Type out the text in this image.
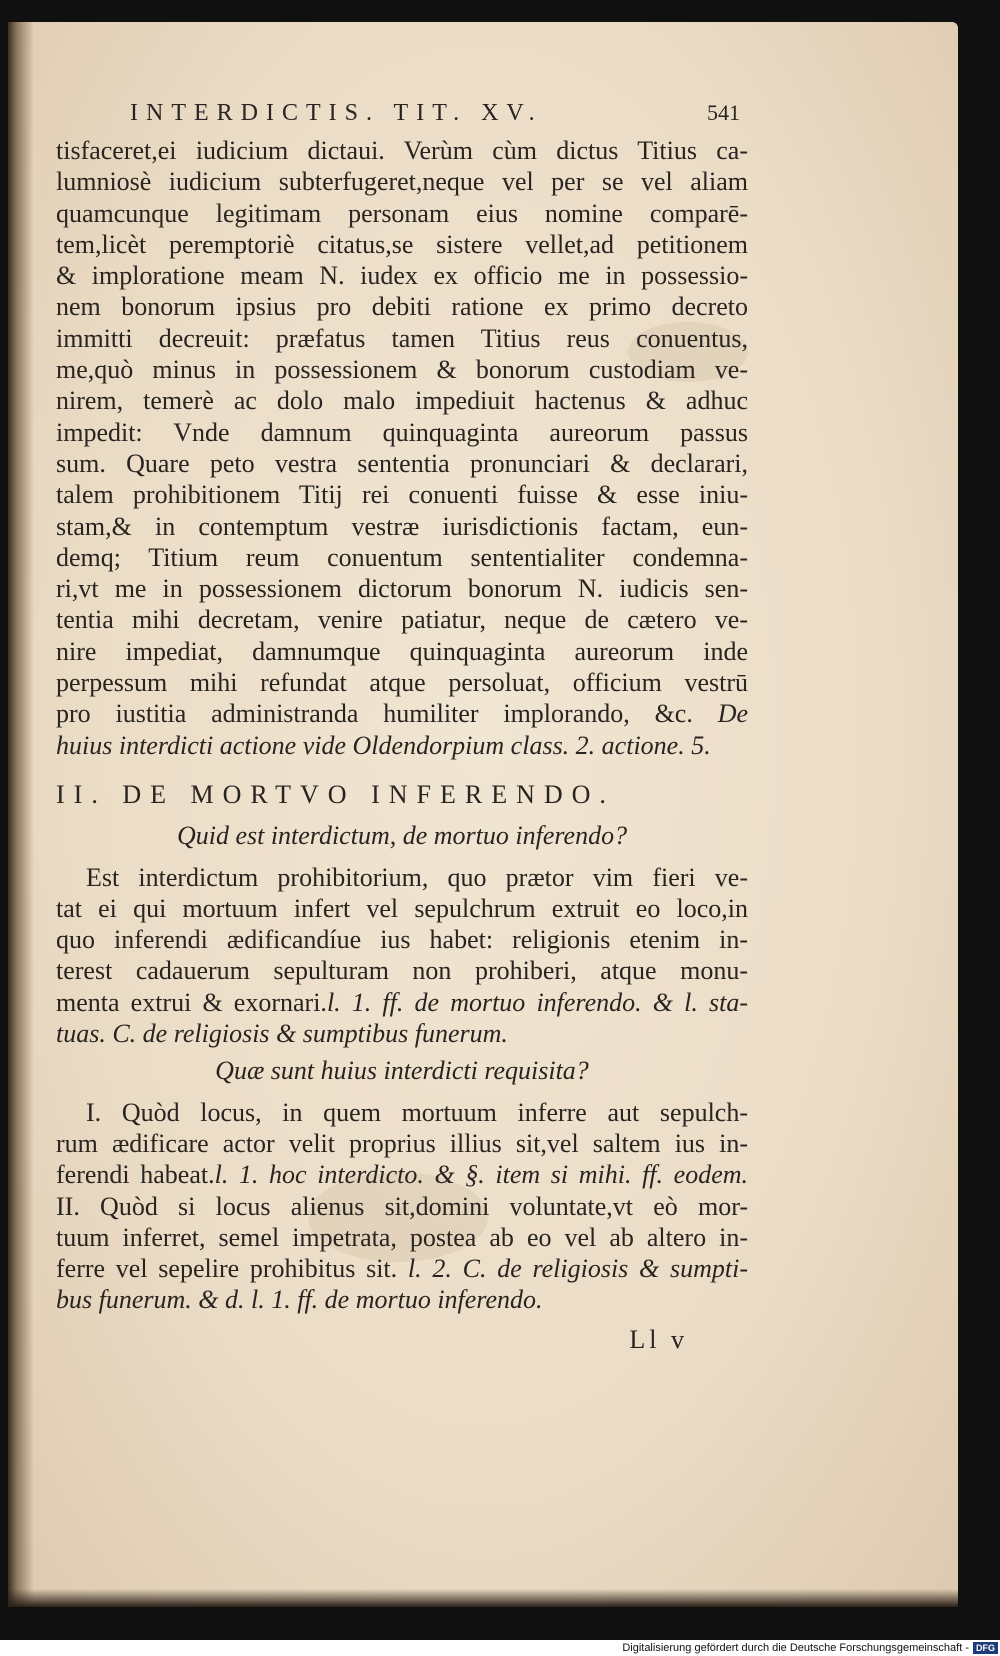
INTERDICTIS. TIT. XV.	541
tisfaceret,ei iudicium dictaui. Verùm cùm dictus Titius ca-
lumniosè iudicium subterfugeret,neque vel per se vel aliam
quamcunque legitimam personam eius nomine comparē-
tem,licèt peremptoriè citatus,se sistere vellet,ad petitionem
& imploratione meam N. iudex ex officio me in possessio-
nem bonorum ipsius pro debiti ratione ex primo decreto
immitti decreuit: præfatus tamen Titius reus conuentus,
me,quò minus in possessionem & bonorum custodiam ve-
nirem, temerè ac dolo malo impediuit hactenus & adhuc
impedit: Vnde damnum quinquaginta aureorum passus
sum. Quare peto vestra sententia pronunciari & declarari,
talem prohibitionem Titij rei conuenti fuisse & esse iniu-
stam,& in contemptum vestræ iurisdictionis factam, eun-
demq; Titium reum conuentum sententialiter condemna-
ri,vt me in possessionem dictorum bonorum N. iudicis sen-
tentia mihi decretam, venire patiatur, neque de cætero ve-
nire impediat, damnumque quinquaginta aureorum inde
perpessum mihi refundat atque persoluat, officium vestrū
pro iustitia administranda humiliter implorando, &c. De
huius interdicti actione vide Oldendorpium class. 2. actione. 5.
II. DE MORTVO INFERENDO.
Quid est interdictum, de mortuo inferendo?
Est interdictum prohibitorium, quo prætor vim fieri ve-
tat ei qui mortuum infert vel sepulchrum extruit eo loco,in
quo inferendi ædificandíue ius habet: religionis etenim in-
terest cadauerum sepulturam non prohiberi, atque monu-
menta extrui & exornari.l. 1. ff. de mortuo inferendo. & l. sta-
tuas. C. de religiosis & sumptibus funerum.
Quæ sunt huius interdicti requisita?
I. Quòd locus, in quem mortuum inferre aut sepulch-
rum ædificare actor velit proprius illius sit,vel saltem ius in-
ferendi habeat.l. 1. hoc interdicto. & §. item si mihi. ff. eodem.
II. Quòd si locus alienus sit,domini voluntate,vt eò mor-
tuum inferret, semel impetrata, postea ab eo vel ab altero in-
ferre vel sepelire prohibitus sit. l. 2. C. de religiosis & sumpti-
bus funerum. & d. l. 1. ff. de mortuo inferendo.
Ll v
Digitalisierung gefördert durch die Deutsche Forschungsgemeinschaft - DFG
